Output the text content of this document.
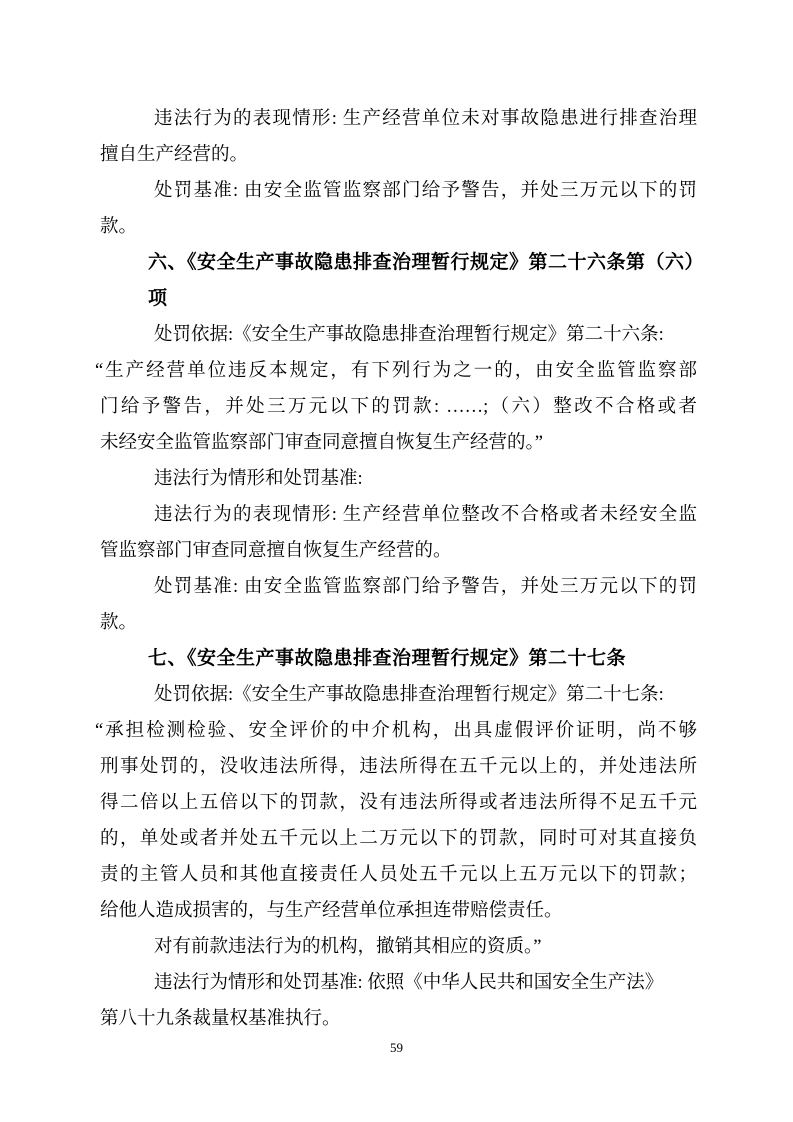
违法行为的表现情形: 生产经营单位未对事故隐患进行排查治理
擅自生产经营的。

处罚基准: 由安全监管监察部门给予警告，并处三万元以下的罚
款。

六、《安全生产事故隐患排查治理暂行规定》第二十六条第（六）项

处罚依据:《安全生产事故隐患排查治理暂行规定》第二十六条:

“生产经营单位违反本规定，有下列行为之一的，由安全监管监察部
门给予警告，并处三万元以下的罚款: ……;（六）整改不合格或者
未经安全监管监察部门审查同意擅自恢复生产经营的。”

违法行为情形和处罚基准:

违法行为的表现情形: 生产经营单位整改不合格或者未经安全监
管监察部门审查同意擅自恢复生产经营的。

处罚基准: 由安全监管监察部门给予警告，并处三万元以下的罚
款。

七、《安全生产事故隐患排查治理暂行规定》第二十七条

处罚依据:《安全生产事故隐患排查治理暂行规定》第二十七条:

“承担检测检验、安全评价的中介机构，出具虚假评价证明，尚不够
刑事处罚的，没收违法所得，违法所得在五千元以上的，并处违法所
得二倍以上五倍以下的罚款，没有违法所得或者违法所得不足五千元
的，单处或者并处五千元以上二万元以下的罚款，同时可对其直接负
责的主管人员和其他直接责任人员处五千元以上五万元以下的罚款；
给他人造成损害的，与生产经营单位承担连带赔偿责任。

对有前款违法行为的机构，撤销其相应的资质。”

违法行为情形和处罚基准: 依照《中华人民共和国安全生产法》
第八十九条裁量权基准执行。

59
